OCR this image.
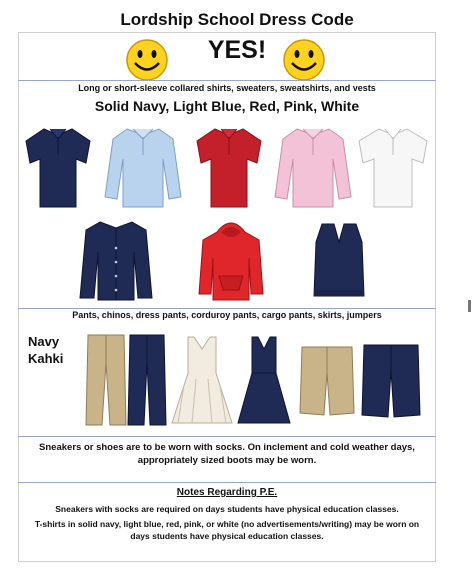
Lordship School Dress Code
YES!
Long or short-sleeve collared shirts, sweaters, sweatshirts, and vests
Solid Navy, Light Blue, Red, Pink, White
Pants, chinos, dress pants, corduroy pants, cargo pants, skirts, jumpers
Navy
Kahki
Sneakers or shoes are to be worn with socks. On inclement and cold weather days, appropriately sized boots may be worn.
Notes Regarding P.E.
Sneakers with socks are required on days students have physical education classes.
T-shirts in solid navy, light blue, red, pink, or white (no advertisements/writing) may be worn on days students have physical education classes.
